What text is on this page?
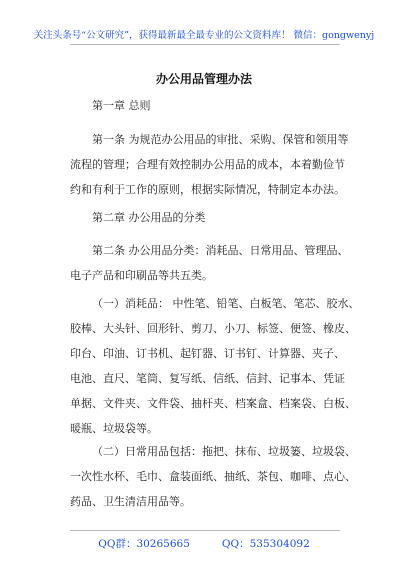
关注头条号“公文研究”，获得最新最全最专业的公文资料库！ 微信：gongwenyj
办公用品管理办法
第一章 总则
第一条 为规范办公用品的审批、采购、保管和领用等
流程的管理；合理有效控制办公用品的成本，本着勤俭节
约和有利于工作的原则，根据实际情况，特制定本办法。
第二章 办公用品的分类
第二条 办公用品分类：消耗品、日常用品、管理品、
电子产品和印刷品等共五类。
（一）消耗品： 中性笔、铅笔、白板笔、笔芯、胶水、
胶棒、大头针、回形针、剪刀、小刀、标签、便签、橡皮、
印台、印油、订书机、起钉器、订书钉、计算器、夹子、
电池、直尺、笔筒、复写纸、信纸、信封、记事本、凭证
单据、文件夹、文件袋、抽杆夹、档案盒、档案袋、白板、
暖瓶、垃圾袋等。
（二）日常用品包括：拖把、抹布、垃圾篓、垃圾袋、
一次性水杯、毛巾、盒装面纸、抽纸、茶包、咖啡、点心、
药品、卫生清洁用品等。
QQ群：30265665	QQ：535304092
